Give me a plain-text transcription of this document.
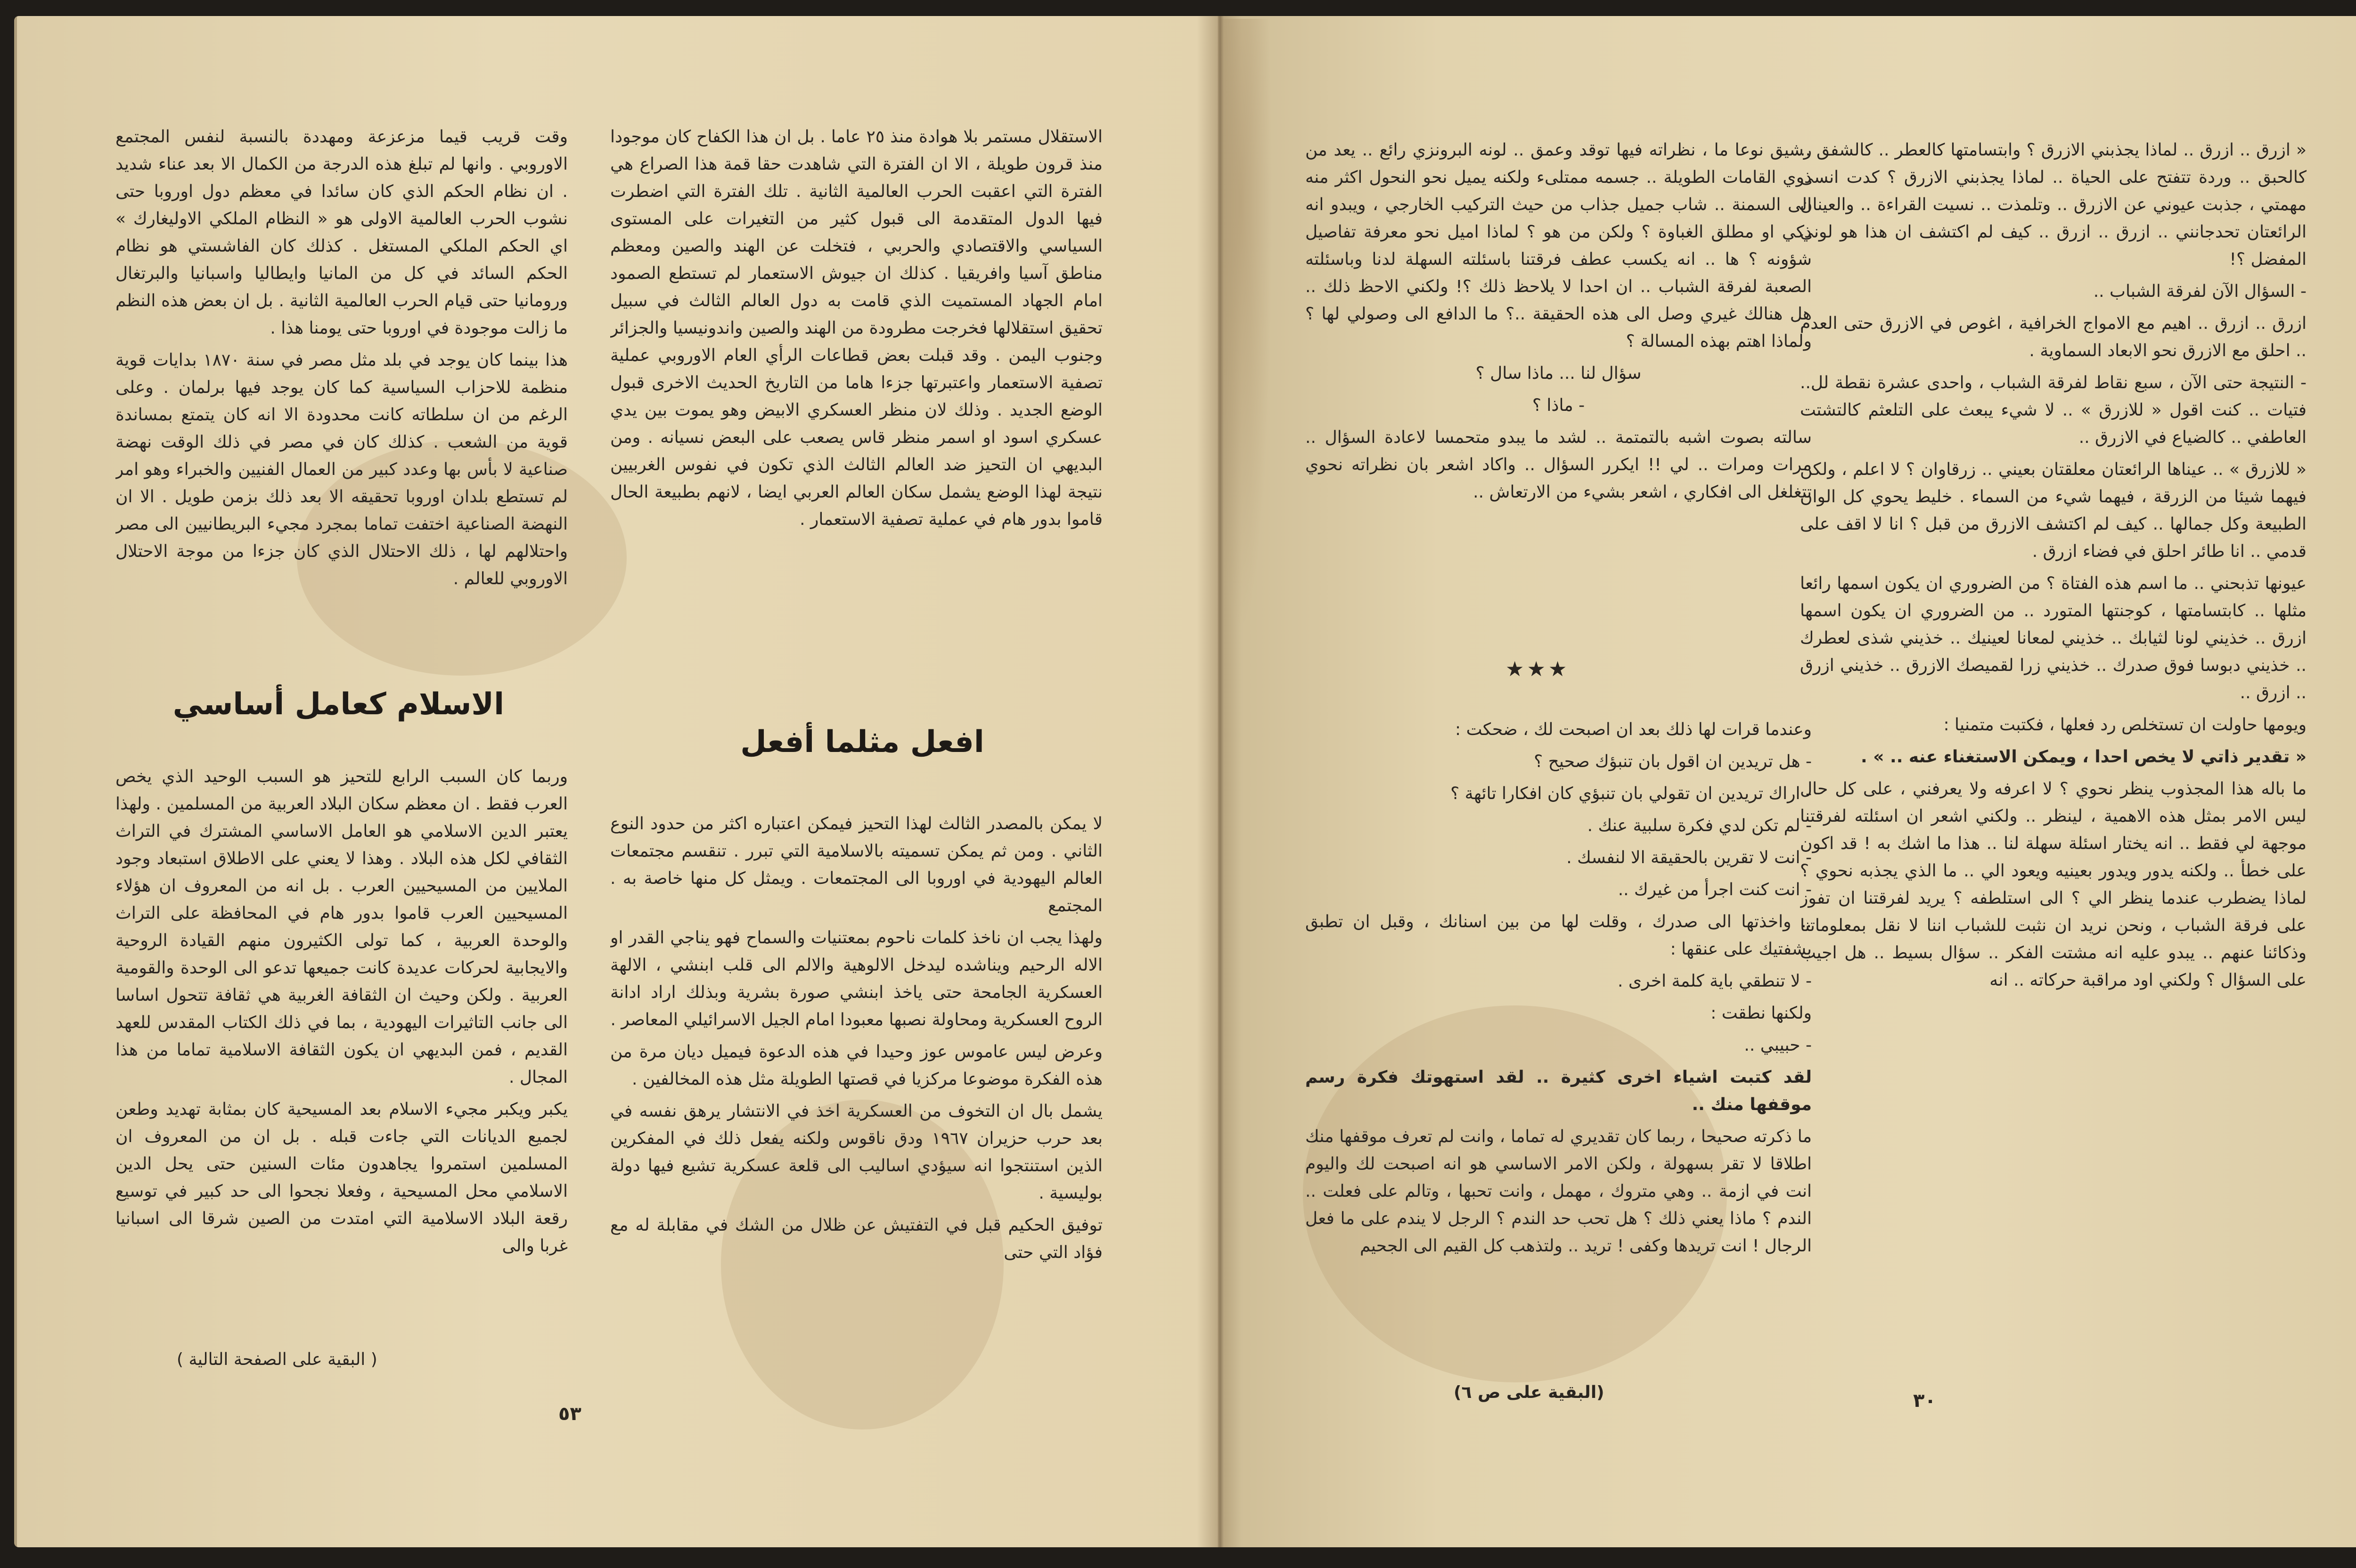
وقت قريب قيما مزعزعة ومهددة بالنسبة لنفس المجتمع الاوروبي . وانها لم تبلغ هذه الدرجة من الكمال الا بعد عناء شديد . ان نظام الحكم الذي كان سائدا في معظم دول اوروبا حتى نشوب الحرب العالمية الاولى هو « النظام الملكي الاوليغارك » اي الحكم الملكي المستغل . كذلك كان الفاشستي هو نظام الحكم السائد في كل من المانيا وايطاليا واسبانيا والبرتغال ورومانيا حتى قيام الحرب العالمية الثانية . بل ان بعض هذه النظم ما زالت موجودة في اوروبا حتى يومنا هذا .

هذا بينما كان يوجد في بلد مثل مصر في سنة ١٨٧٠ بدايات قوية منظمة للاحزاب السياسية كما كان يوجد فيها برلمان . وعلى الرغم من ان سلطاته كانت محدودة الا انه كان يتمتع بمساندة قوية من الشعب . كذلك كان في مصر في ذلك الوقت نهضة صناعية لا بأس بها وعدد كبير من العمال الفنيين والخبراء وهو امر لم تستطع بلدان اوروبا تحقيقه الا بعد ذلك بزمن طويل . الا ان النهضة الصناعية اختفت تماما بمجرد مجيء البريطانيين الى مصر واحتلالهم لها ، ذلك الاحتلال الذي كان جزءا من موجة الاحتلال الاوروبي للعالم .

الاسلام كعامل أساسي

وربما كان السبب الرابع للتحيز هو السبب الوحيد الذي يخص العرب فقط . ان معظم سكان البلاد العربية من المسلمين . ولهذا يعتبر الدين الاسلامي هو العامل الاساسي المشترك في التراث الثقافي لكل هذه البلاد . وهذا لا يعني على الاطلاق استبعاد وجود الملايين من المسيحيين العرب . بل انه من المعروف ان هؤلاء المسيحيين العرب قاموا بدور هام في المحافظة على التراث والوحدة العربية ، كما تولى الكثيرون منهم القيادة الروحية والايجابية لحركات عديدة كانت جميعها تدعو الى الوحدة والقومية العربية . ولكن وحيث ان الثقافة الغربية هي ثقافة تتحول اساسا الى جانب التاثيرات اليهودية ، بما في ذلك الكتاب المقدس للعهد القديم ، فمن البديهي ان يكون الثقافة الاسلامية تماما من هذا المجال .

يكبر ويكبر مجيء الاسلام بعد المسيحية كان بمثابة تهديد وطعن لجميع الديانات التي جاءت قبله . بل ان من المعروف ان المسلمين استمروا يجاهدون مئات السنين حتى يحل الدين الاسلامي محل المسيحية ، وفعلا نجحوا الى حد كبير في توسيع رقعة البلاد الاسلامية التي امتدت من الصين شرقا الى اسبانيا غربا والى

( البقية على الصفحة التالية )
٥٣

الاستقلال مستمر بلا هوادة منذ ٢٥ عاما . بل ان هذا الكفاح كان موجودا منذ قرون طويلة ، الا ان الفترة التي شاهدت حقا قمة هذا الصراع هي الفترة التي اعقبت الحرب العالمية الثانية . تلك الفترة التي اضطرت فيها الدول المتقدمة الى قبول كثير من التغيرات على المستوى السياسي والاقتصادي والحربي ، فتخلت عن الهند والصين ومعظم مناطق آسيا وافريقيا . كذلك ان جيوش الاستعمار لم تستطع الصمود امام الجهاد المستميت الذي قامت به دول العالم الثالث في سبيل تحقيق استقلالها فخرجت مطرودة من الهند والصين واندونيسيا والجزائر وجنوب اليمن . وقد قبلت بعض قطاعات الرأي العام الاوروبي عملية تصفية الاستعمار واعتبرتها جزءا هاما من التاريخ الحديث الاخرى قبول الوضع الجديد . وذلك لان منظر العسكري الابيض وهو يموت بين يدي عسكري اسود او اسمر منظر قاس يصعب على البعض نسيانه . ومن البديهي ان التحيز ضد العالم الثالث الذي تكون في نفوس الغربيين نتيجة لهذا الوضع يشمل سكان العالم العربي ايضا ، لانهم بطبيعة الحال قاموا بدور هام في عملية تصفية الاستعمار .

افعل مثلما أفعل

لا يمكن بالمصدر الثالث لهذا التحيز فيمكن اعتباره اكثر من حدود النوع الثاني . ومن ثم يمكن تسميته بالاسلامية التي تبرر . تنقسم مجتمعات العالم اليهودية في اوروبا الى المجتمعات . ويمثل كل منها خاصة به . المجتمع

ولهذا يجب ان ناخذ كلمات ناحوم بمعتنيات والسماح فهو يناجي القدر او الاله الرحيم ويناشده ليدخل الالوهية والالم الى قلب ابنشي ، الالهة العسكرية الجامحة حتى ياخذ ابنشي صورة بشرية وبذلك اراد ادانة الروح العسكرية ومحاولة نصبها معبودا امام الجيل الاسرائيلي المعاصر .

وعرض ليس عاموس عوز وحيدا في هذه الدعوة فيميل ديان مرة من هذه الفكرة موضوعا مركزيا في قصتها الطويلة مثل هذه المخالفين .

يشمل بال ان التخوف من العسكرية اخذ في الانتشار يرهق نفسه في بعد حرب حزيران ١٩٦٧ ودق ناقوس ولكنه يفعل ذلك في المفكرين الذين استنتجوا انه سيؤدي اساليب الى قلعة عسكرية تشيع فيها دولة بوليسية .

توفيق الحكيم قبل في التفتيش عن ظلال من الشك في مقابلة له مع فؤاد التي حتى

رشيق نوعا ما ، نظراته فيها توقد وعمق .. لونه البرونزي رائع .. يعد من ذوي القامات الطويلة .. جسمه ممتلىء ولكنه يميل نحو النحول اكثر منه الى السمنة .. شاب جميل جذاب من حيث التركيب الخارجي ، ويبدو انه ذكي او مطلق الغباوة ؟ ولكن من هو ؟ لماذا اميل نحو معرفة تفاصيل شؤونه ؟ ها .. انه يكسب عطف فرقتنا باسئلته السهلة لدنا وباسئلته الصعبة لفرقة الشباب .. ان احدا لا يلاحظ ذلك ؟! ولكني الاحظ ذلك .. هل هنالك غيري وصل الى هذه الحقيقة ..؟ ما الدافع الى وصولي لها ؟ ولماذا اهتم بهذه المسالة ؟

سؤال لنا ... ماذا سال ؟

- ماذا ؟

سالته بصوت اشبه بالتمتمة .. لشد ما يبدو متحمسا لاعادة السؤال .. مرات ومرات .. لي !! ايكرر السؤال .. واكاد اشعر بان نظراته نحوي تتغلغل الى افكاري ، اشعر بشيء من الارتعاش ..

★★★

وعندما قرات لها ذلك بعد ان اصبحت لك ، ضحكت :

- هل تريدين ان اقول بان تنبؤك صحيح ؟

- اراك تريدين ان تقولي بان تنبؤي كان افكارا تائهة ؟

- لم تكن لدي فكرة سلبية عنك .

- انت لا تقرين بالحقيقة الا لنفسك .

- انت كنت اجرأ من غيرك ..

.. واخذتها الى صدرك ، وقلت لها من بين اسنانك ، وقبل ان تطبق بشفتيك على عنقها :

- لا تنطقي باية كلمة اخرى .

ولكنها نطقت :

- حبيبي ..

لقد كتبت اشياء اخرى كثيرة .. لقد استهوتك فكرة رسم موقفها منك ..

ما ذكرته صحيحا ، ربما كان تقديري له تماما ، وانت لم تعرف موقفها منك اطلاقا لا تقر بسهولة ، ولكن الامر الاساسي هو انه اصبحت لك واليوم انت في ازمة .. وهي متروك ، مهمل ، وانت تحبها ، وتالم على فعلت .. الندم ؟ ماذا يعني ذلك ؟ هل تحب حد الندم ؟ الرجل لا يندم على ما فعل الرجال ! انت تريدها وكفى ! تريد .. ولتذهب كل القيم الى الجحيم

(البقية على ص ٦)

« ازرق .. ازرق .. لماذا يجذبني الازرق ؟ وابتسامتها كالعطر .. كالشفق .. كالحبق .. وردة تتفتح على الحياة .. لماذا يجذبني الازرق ؟ كدت انسى مهمتي ، جذبت عيوني عن الازرق .. وتلمذت .. نسيت القراءة .. والعينان الرائعتان تحدجانني .. ازرق .. ازرق .. كيف لم اكتشف ان هذا هو لوني المفضل ؟!

- السؤال الآن لفرقة الشباب ..

ازرق .. ازرق .. اهيم مع الامواج الخرافية ، اغوص في الازرق حتى العدم .. احلق مع الازرق نحو الابعاد السماوية .

- النتيجة حتى الآن ، سبع نقاط لفرقة الشباب ، واحدى عشرة نقطة لل.. فتيات .. كنت اقول « للازرق » .. لا شيء يبعث على التلعثم كالتشتت العاطفي .. كالضياع في الازرق ..

« للازرق » .. عيناها الرائعتان معلقتان بعيني .. زرقاوان ؟ لا اعلم ، ولكن فيهما شيئا من الزرقة ، فيهما شيء من السماء . خليط يحوي كل الوان الطبيعة وكل جمالها .. كيف لم اكتشف الازرق من قبل ؟ انا لا اقف على قدمي .. انا طائر احلق في فضاء ازرق .

عيونها تذبحني .. ما اسم هذه الفتاة ؟ من الضروري ان يكون اسمها رائعا مثلها .. كابتسامتها ، كوجنتها المتورد .. من الضروري ان يكون اسمها ازرق .. خذيني لونا لثيابك .. خذيني لمعانا لعينيك .. خذيني شذى لعطرك .. خذيني دبوسا فوق صدرك .. خذيني زرا لقميصك الازرق .. خذيني ازرق .. ازرق ..

ويومها حاولت ان تستخلص رد فعلها ، فكتبت متمنيا :

« تقدير ذاتي لا يخص احدا ، ويمكن الاستغناء عنه .. » .

ما باله هذا المجذوب ينظر نحوي ؟ لا اعرفه ولا يعرفني ، على كل حال ليس الامر بمثل هذه الاهمية ، لينظر .. ولكني اشعر ان اسئلته لفرقتنا موجهة لي فقط .. انه يختار اسئلة سهلة لنا .. هذا ما اشك به ! قد اكون على خطأ .. ولكنه يدور ويدور بعينيه ويعود الي .. ما الذي يجذبه نحوي ؟ لماذا يضطرب عندما ينظر الي ؟ الى استلطفه ؟ يريد لفرقتنا ان تفوز على فرقة الشباب ، ونحن نريد ان نثبت للشباب اننا لا نقل بمعلوماتنا وذكائنا عنهم .. يبدو عليه انه مشتت الفكر .. سؤال بسيط .. هل اجيب على السؤال ؟ ولكني اود مراقبة حركاته .. انه

٣٠
